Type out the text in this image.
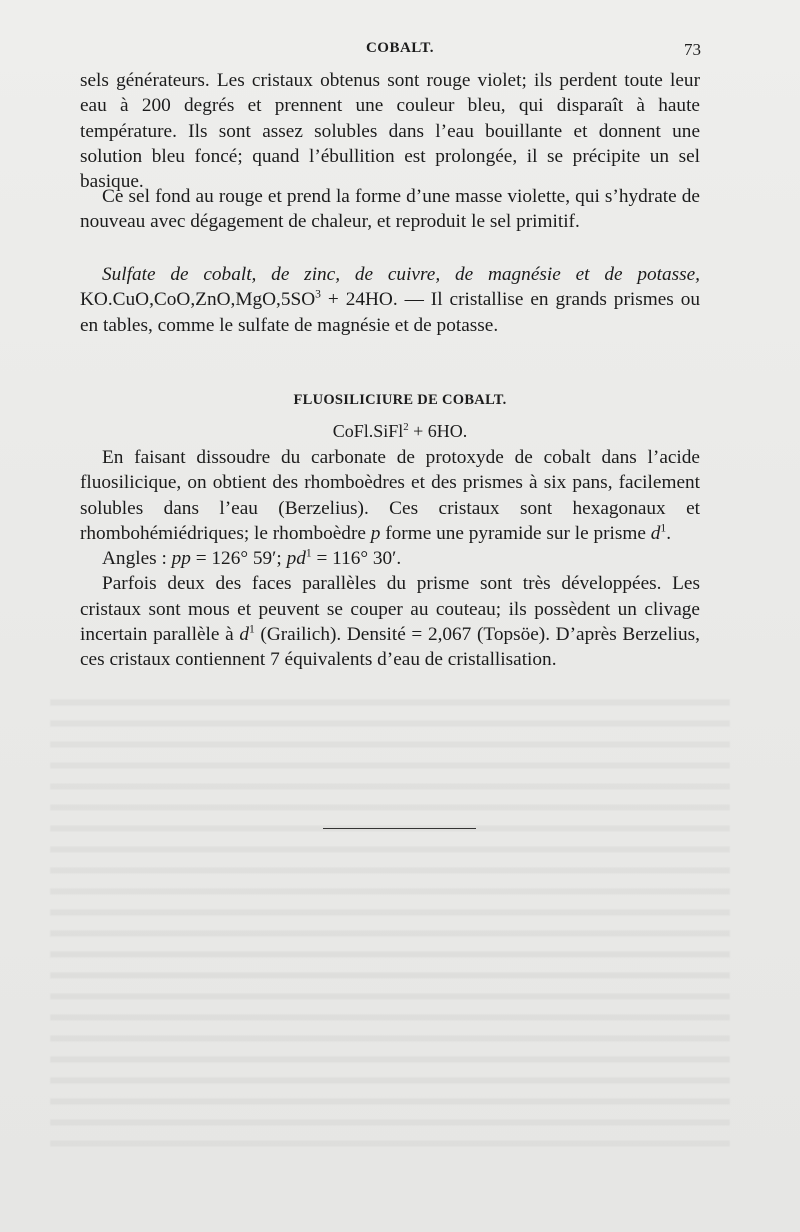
COBALT.	73

sels générateurs. Les cristaux obtenus sont rouge violet; ils perdent toute leur eau à 200 degrés et prennent une couleur bleu, qui disparaît à haute température. Ils sont assez solubles dans l’eau bouillante et donnent une solution bleu foncé; quand l’ébullition est prolongée, il se précipite un sel basique.

Ce sel fond au rouge et prend la forme d’une masse violette, qui s’hydrate de nouveau avec dégagement de chaleur, et reproduit le sel primitif.

Sulfate de cobalt, de zinc, de cuivre, de magnésie et de potasse, $KO.CuO,CoO,ZnO,MgO,5SO^3 + 24HO$. — Il cristallise en grands prismes ou en tables, comme le sulfate de magnésie et de potasse.

FLUOSILICIURE DE COBALT.
CoFl.SiFl$^2$ + 6HO.

En faisant dissoudre du carbonate de protoxyde de cobalt dans l’acide fluosilicique, on obtient des rhomboèdres et des prismes à six pans, facilement solubles dans l’eau (Berzelius). Ces cristaux sont hexagonaux et rhombohémiédriques; le rhomboèdre p forme une pyramide sur le prisme $d^1$.

Angles : pp = 126° 59′; $pd^1 = 116^\circ$ 30′.

Parfois deux des faces parallèles du prisme sont très développées. Les cristaux sont mous et peuvent se couper au couteau; ils possèdent un clivage incertain parallèle à $d^1$ (Grailich). Densité = 2,067 (Topsöe). D’après Berzelius, ces cristaux contiennent 7 équivalents d’eau de cristallisation.
